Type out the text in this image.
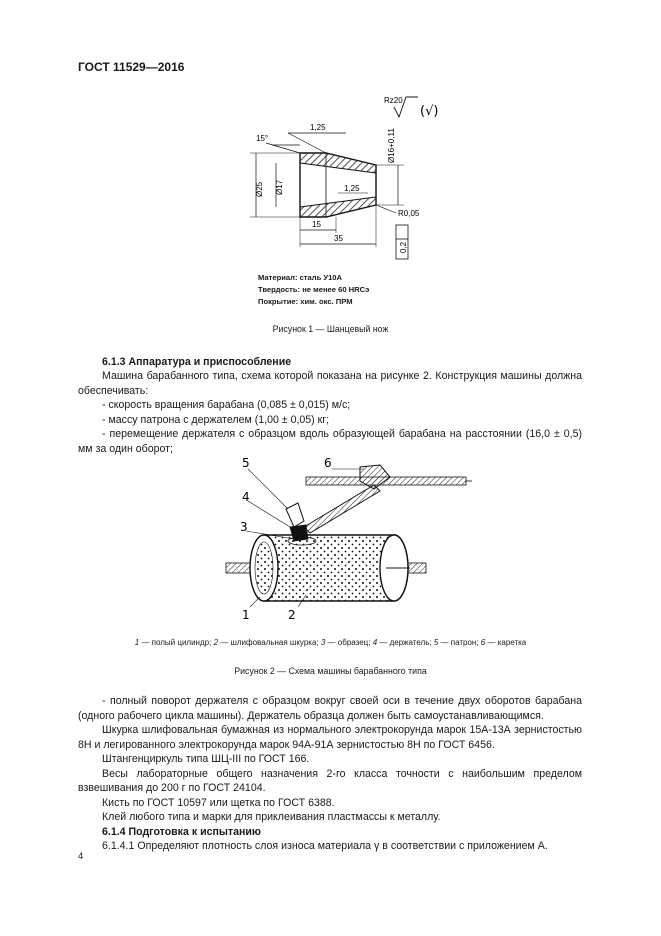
ГОСТ 11529—2016
15°
1,25
1,25
Ø25 Ø17
Ø16+0,11
R0,05
15
35
0,2
Rz20
(√)
Материал: сталь У10А
Твердость: не менее 60 HRCэ
Покрытие: хим. окс. ПРМ
Рисунок 1 — Шанцевый нож
6.1.3 Аппаратура и приспособление

Машина барабанного типа, схема которой показана на рисунке 2. Конструкция машины должна обеспечивать:

- скорость вращения барабана (0,085 ± 0,015) м/с;

- массу патрона с держателем (1,00 ± 0,05) кг;

- перемещение держателя с образцом вдоль образующей барабана на расстоянии (16,0 ± 0,5) мм за один оборот;

5
4
3
6
1	2
1 — полый цилиндр; 2 — шлифовальная шкурка; 3 — образец; 4 — держатель; 5 — патрон; 6 — каретка
Рисунок 2 — Схема машины барабанного типа

- полный поворот держателя с образцом вокруг своей оси в течение двух оборотов барабана (одного рабочего цикла машины). Держатель образца должен быть самоустанавливающимся.

Шкурка шлифовальная бумажная из нормального электрокорунда марок 15А-13А зернистостью 8Н и легированного электрокорунда марок 94А-91А зернистостью 8Н по ГОСТ 6456.

Штангенциркуль типа ШЦ-III по ГОСТ 166.

Весы лабораторные общего назначения 2-го класса точности с наибольшим пределом взвешивания до 200 г по ГОСТ 24104.

Кисть по ГОСТ 10597 или щетка по ГОСТ 6388.

Клей любого типа и марки для приклеивания пластмассы к металлу.

6.1.4 Подготовка к испытанию

6.1.4.1 Определяют плотность слоя износа материала γ в соответствии с приложением А.

4
